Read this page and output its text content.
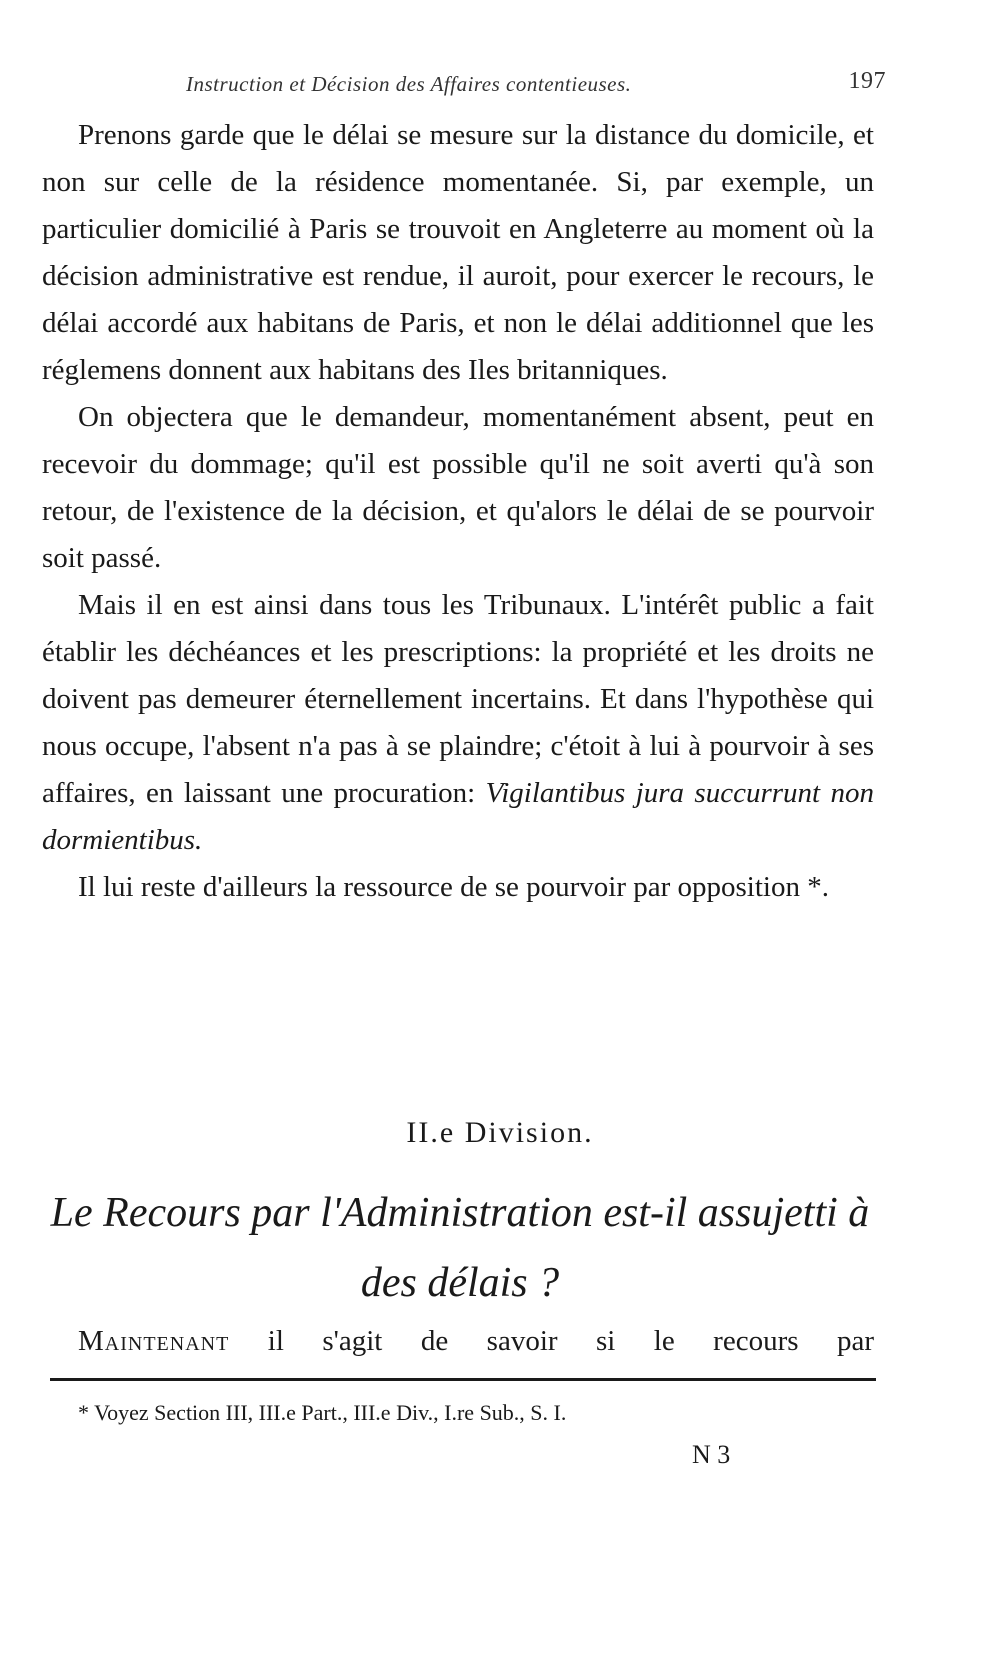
Instruction et Décision des Affaires contentieuses.	197

Prenons garde que le délai se mesure sur la distance du domicile, et non sur celle de la résidence momentanée. Si, par exemple, un particulier domicilié à Paris se trouvoit en Angleterre au moment où la décision administrative est rendue, il auroit, pour exercer le recours, le délai accordé aux habitans de Paris, et non le délai additionnel que les réglemens donnent aux habitans des Iles britanniques.

On objectera que le demandeur, momentanément absent, peut en recevoir du dommage; qu'il est possible qu'il ne soit averti qu'à son retour, de l'existence de la décision, et qu'alors le délai de se pourvoir soit passé.

Mais il en est ainsi dans tous les Tribunaux. L'intérêt public a fait établir les déchéances et les prescriptions: la propriété et les droits ne doivent pas demeurer éternellement incertains. Et dans l'hypothèse qui nous occupe, l'absent n'a pas à se plaindre; c'étoit à lui à pourvoir à ses affaires, en laissant une procuration: Vigilantibus jura succurrunt non dormientibus.

Il lui reste d'ailleurs la ressource de se pourvoir par opposition *.

II.e Division.
Le Recours par l'Administration est-il assujetti à des délais ?
Maintenant il s'agit de savoir si le recours par
* Voyez Section III, III.e Part., III.e Div., I.re Sub., S. I.
N 3
